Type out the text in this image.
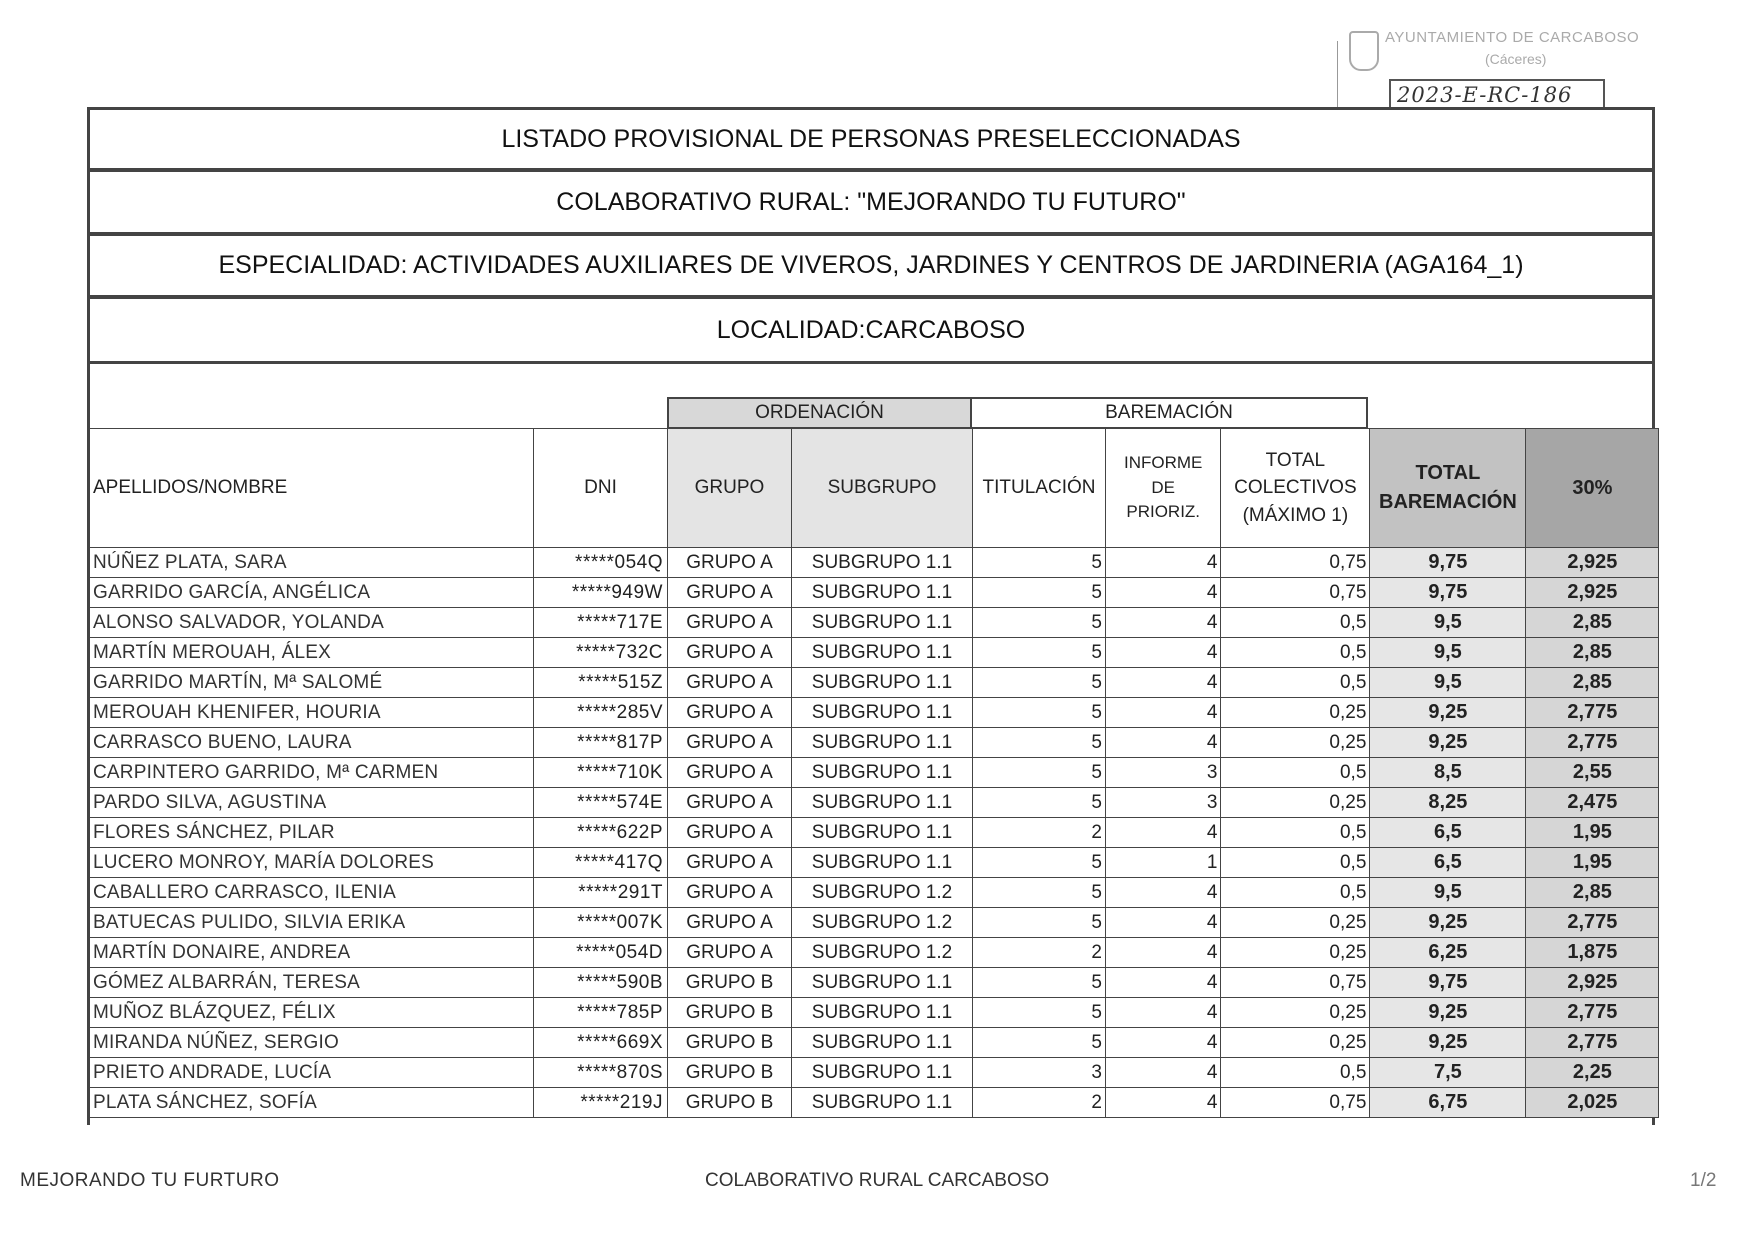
AYUNTAMIENTO DE CARCABOSO
(Cáceres)
2023-E-RC-186
LISTADO PROVISIONAL DE PERSONAS PRESELECCIONADAS
COLABORATIVO RURAL: "MEJORANDO TU FUTURO"
ESPECIALIDAD: ACTIVIDADES AUXILIARES DE VIVEROS, JARDINES Y CENTROS DE JARDINERIA (AGA164_1)
LOCALIDAD:CARCABOSO
ORDENACIÓN	BAREMACIÓN
APELLIDOS/NOMBRE	DNI	GRUPO	SUBGRUPO	TITULACIÓN	INFORME DE PRIORIZ.	TOTAL COLECTIVOS (MÁXIMO 1)	TOTAL BAREMACIÓN	30%
NÚÑEZ PLATA, SARA	*****054Q	GRUPO A	SUBGRUPO 1.1	5	4	0,75	9,75	2,925
GARRIDO GARCÍA, ANGÉLICA	*****949W	GRUPO A	SUBGRUPO 1.1	5	4	0,75	9,75	2,925
ALONSO SALVADOR, YOLANDA	*****717E	GRUPO A	SUBGRUPO 1.1	5	4	0,5	9,5	2,85
MARTÍN MEROUAH, ÁLEX	*****732C	GRUPO A	SUBGRUPO 1.1	5	4	0,5	9,5	2,85
GARRIDO MARTÍN, Mª SALOMÉ	*****515Z	GRUPO A	SUBGRUPO 1.1	5	4	0,5	9,5	2,85
MEROUAH KHENIFER, HOURIA	*****285V	GRUPO A	SUBGRUPO 1.1	5	4	0,25	9,25	2,775
CARRASCO BUENO, LAURA	*****817P	GRUPO A	SUBGRUPO 1.1	5	4	0,25	9,25	2,775
CARPINTERO GARRIDO, Mª CARMEN	*****710K	GRUPO A	SUBGRUPO 1.1	5	3	0,5	8,5	2,55
PARDO SILVA, AGUSTINA	*****574E	GRUPO A	SUBGRUPO 1.1	5	3	0,25	8,25	2,475
FLORES SÁNCHEZ, PILAR	*****622P	GRUPO A	SUBGRUPO 1.1	2	4	0,5	6,5	1,95
LUCERO MONROY, MARÍA DOLORES	*****417Q	GRUPO A	SUBGRUPO 1.1	5	1	0,5	6,5	1,95
CABALLERO CARRASCO, ILENIA	*****291T	GRUPO A	SUBGRUPO 1.2	5	4	0,5	9,5	2,85
BATUECAS PULIDO, SILVIA ERIKA	*****007K	GRUPO A	SUBGRUPO 1.2	5	4	0,25	9,25	2,775
MARTÍN DONAIRE, ANDREA	*****054D	GRUPO A	SUBGRUPO 1.2	2	4	0,25	6,25	1,875
GÓMEZ ALBARRÁN, TERESA	*****590B	GRUPO B	SUBGRUPO 1.1	5	4	0,75	9,75	2,925
MUÑOZ BLÁZQUEZ, FÉLIX	*****785P	GRUPO B	SUBGRUPO 1.1	5	4	0,25	9,25	2,775
MIRANDA NÚÑEZ, SERGIO	*****669X	GRUPO B	SUBGRUPO 1.1	5	4	0,25	9,25	2,775
PRIETO ANDRADE, LUCÍA	*****870S	GRUPO B	SUBGRUPO 1.1	3	4	0,5	7,5	2,25
PLATA SÁNCHEZ, SOFÍA	*****219J	GRUPO B	SUBGRUPO 1.1	2	4	0,75	6,75	2,025
MEJORANDO TU FURTURO	COLABORATIVO RURAL CARCABOSO	1/2
